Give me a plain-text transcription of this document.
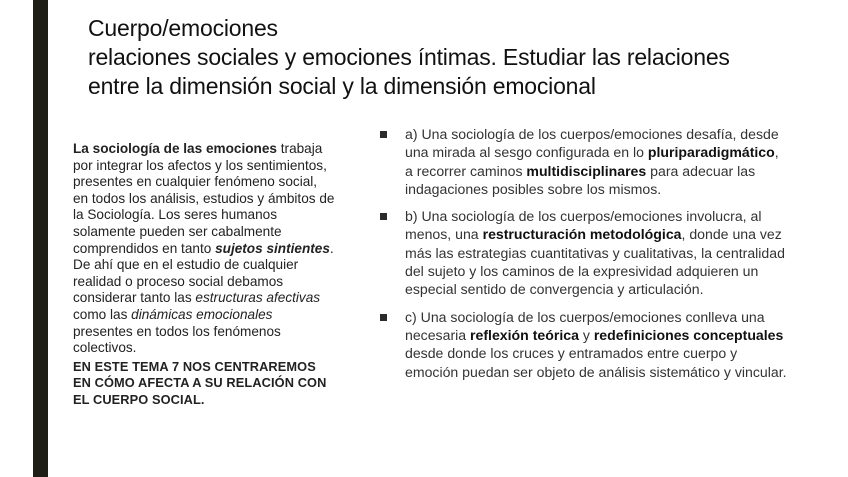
Cuerpo/emociones
relaciones sociales y emociones íntimas. Estudiar las relaciones
entre la dimensión social y la dimensión emocional
La sociología de las emociones trabaja por integrar los afectos y los sentimientos, presentes en cualquier fenómeno social, en todos los análisis, estudios y ámbitos de la Sociología. Los seres humanos solamente pueden ser cabalmente comprendidos en tanto sujetos sintientes. De ahí que en el estudio de cualquier realidad o proceso social debamos considerar tanto las estructuras afectivas como las dinámicas emocionales presentes en todos los fenómenos colectivos.
EN ESTE TEMA 7 NOS CENTRAREMOS EN CÓMO AFECTA A SU RELACIÓN CON EL CUERPO SOCIAL.
a) Una sociología de los cuerpos/emociones desafía, desde una mirada al sesgo configurada en lo pluriparadigmático, a recorrer caminos multidisciplinares para adecuar las indagaciones posibles sobre los mismos.
b) Una sociología de los cuerpos/emociones involucra, al menos, una restructuración metodológica, donde una vez más las estrategias cuantitativas y cualitativas, la centralidad del sujeto y los caminos de la expresividad adquieren un especial sentido de convergencia y articulación.
c) Una sociología de los cuerpos/emociones conlleva una necesaria reflexión teórica y redefiniciones conceptuales desde donde los cruces y entramados entre cuerpo y emoción puedan ser objeto de análisis sistemático y vincular.
